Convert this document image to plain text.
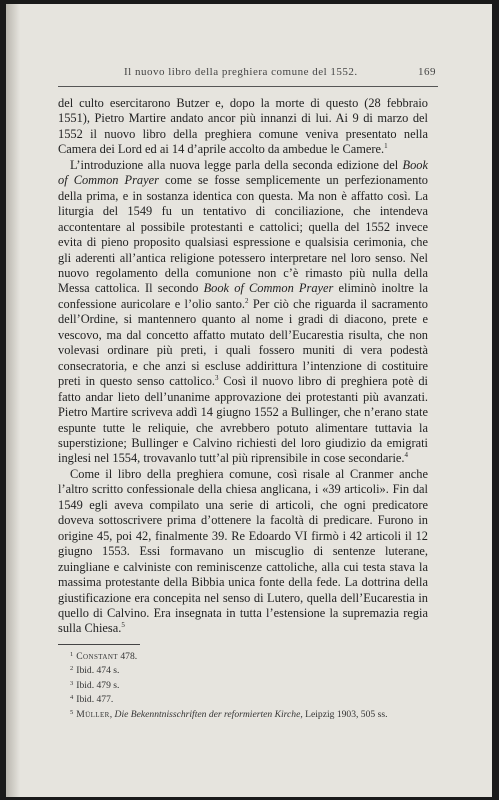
Il nuovo libro della preghiera comune del 1552.	169

del culto esercitarono Butzer e, dopo la morte di questo (28 febbraio 1551), Pietro Martire andato ancor più innanzi di lui. Ai 9 di marzo del 1552 il nuovo libro della preghiera comune veniva presentato nella Camera dei Lord ed ai 14 d’aprile accolto da ambedue le Camere.$^1$

L’introduzione alla nuova legge parla della seconda edizione del Book of Common Prayer come se fosse semplicemente un perfezionamento della prima, e in sostanza identica con questa. Ma non è affatto così. La liturgia del 1549 fu un tentativo di conciliazione, che intendeva accontentare al possibile protestanti e cattolici; quella del 1552 invece evita di pieno proposito qualsiasi espressione e qualsisia cerimonia, che gli aderenti all’antica religione potessero interpretare nel loro senso. Nel nuovo regolamento della comunione non c’è rimasto più nulla della Messa cattolica. Il secondo Book of Common Prayer eliminò inoltre la confessione auricolare e l’olio santo.$^2$ Per ciò che riguarda il sacramento dell’Ordine, si mantennero quanto al nome i gradi di diacono, prete e vescovo, ma dal concetto affatto mutato dell’Eucarestia risulta, che non volevasi ordinare più preti, i quali fossero muniti di vera podestà consecratoria, e che anzi si escluse addirittura l’intenzione di costituire preti in questo senso cattolico.$^3$ Così il nuovo libro di preghiera potè di fatto andar lieto dell’unanime approvazione dei protestanti più avanzati. Pietro Martire scriveva addì 14 giugno 1552 a Bullinger, che n’erano state espunte tutte le reliquie, che avrebbero potuto alimentare tuttavia la superstizione; Bullinger e Calvino richiesti del loro giudizio da emigrati inglesi nel 1554, trovavanlo tutt’al più riprensibile in cose secondarie.$^4$

Come il libro della preghiera comune, così risale al Cranmer anche l’altro scritto confessionale della chiesa anglicana, i «39 articoli». Fin dal 1549 egli aveva compilato una serie di articoli, che ogni predicatore doveva sottoscrivere prima d’ottenere la facoltà di predicare. Furono in origine 45, poi 42, finalmente 39. Re Edoardo VI firmò i 42 articoli il 12 giugno 1553. Essi formavano un miscuglio di sentenze luterane, zuingliane e calviniste con reminiscenze cattoliche, alla cui testa stava la massima protestante della Bibbia unica fonte della fede. La dottrina della giustificazione era concepita nel senso di Lutero, quella dell’Eucarestia in quello di Calvino. Era insegnata in tutta l’estensione la supremazia regia sulla Chiesa.$^5$

$^1$ Constant 478.
$^2$ Ibid. 474 s.
$^3$ Ibid. 479 s.
$^4$ Ibid. 477.
$^5$ Müller, Die Bekenntnisschriften der reformierten Kirche, Leipzig 1903, 505 ss.
